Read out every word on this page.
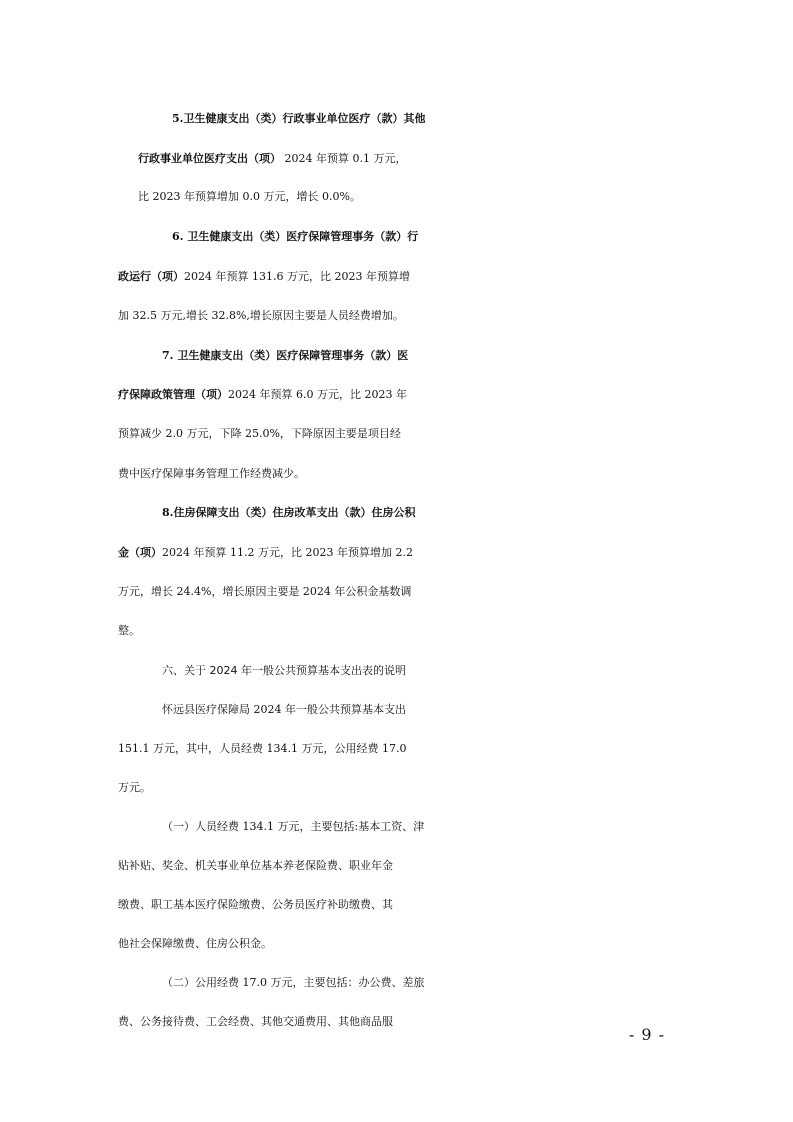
5.卫生健康支出（类）行政事业单位医疗（款）其他
行政事业单位医疗支出（项） 2024 年预算 0.1 万元，
比 2023 年预算增加 0.0 万元，增长 0.0%。
6. 卫生健康支出（类）医疗保障管理事务（款）行
政运行（项）2024 年预算 131.6 万元，比 2023 年预算增
加 32.5 万元,增长 32.8%,增长原因主要是人员经费增加。
7. 卫生健康支出（类）医疗保障管理事务（款）医
疗保障政策管理（项）2024 年预算 6.0 万元，比 2023 年
预算减少 2.0 万元，下降 25.0%，下降原因主要是项目经
费中医疗保障事务管理工作经费减少。
8.住房保障支出（类）住房改革支出（款）住房公积
金（项）2024 年预算 11.2 万元，比 2023 年预算增加 2.2
万元，增长 24.4%，增长原因主要是 2024 年公积金基数调
整。
六、关于 2024 年一般公共预算基本支出表的说明
怀远县医疗保障局 2024 年一般公共预算基本支出
151.1 万元，其中，人员经费 134.1 万元，公用经费 17.0
万元。
（一）人员经费 134.1 万元，主要包括:基本工资、津
贴补贴、奖金、机关事业单位基本养老保险费、职业年金
缴费、职工基本医疗保险缴费、公务员医疗补助缴费、其
他社会保障缴费、住房公积金。
（二）公用经费 17.0 万元，主要包括：办公费、差旅
费、公务接待费、工会经费、其他交通费用、其他商品服
- 9 -
